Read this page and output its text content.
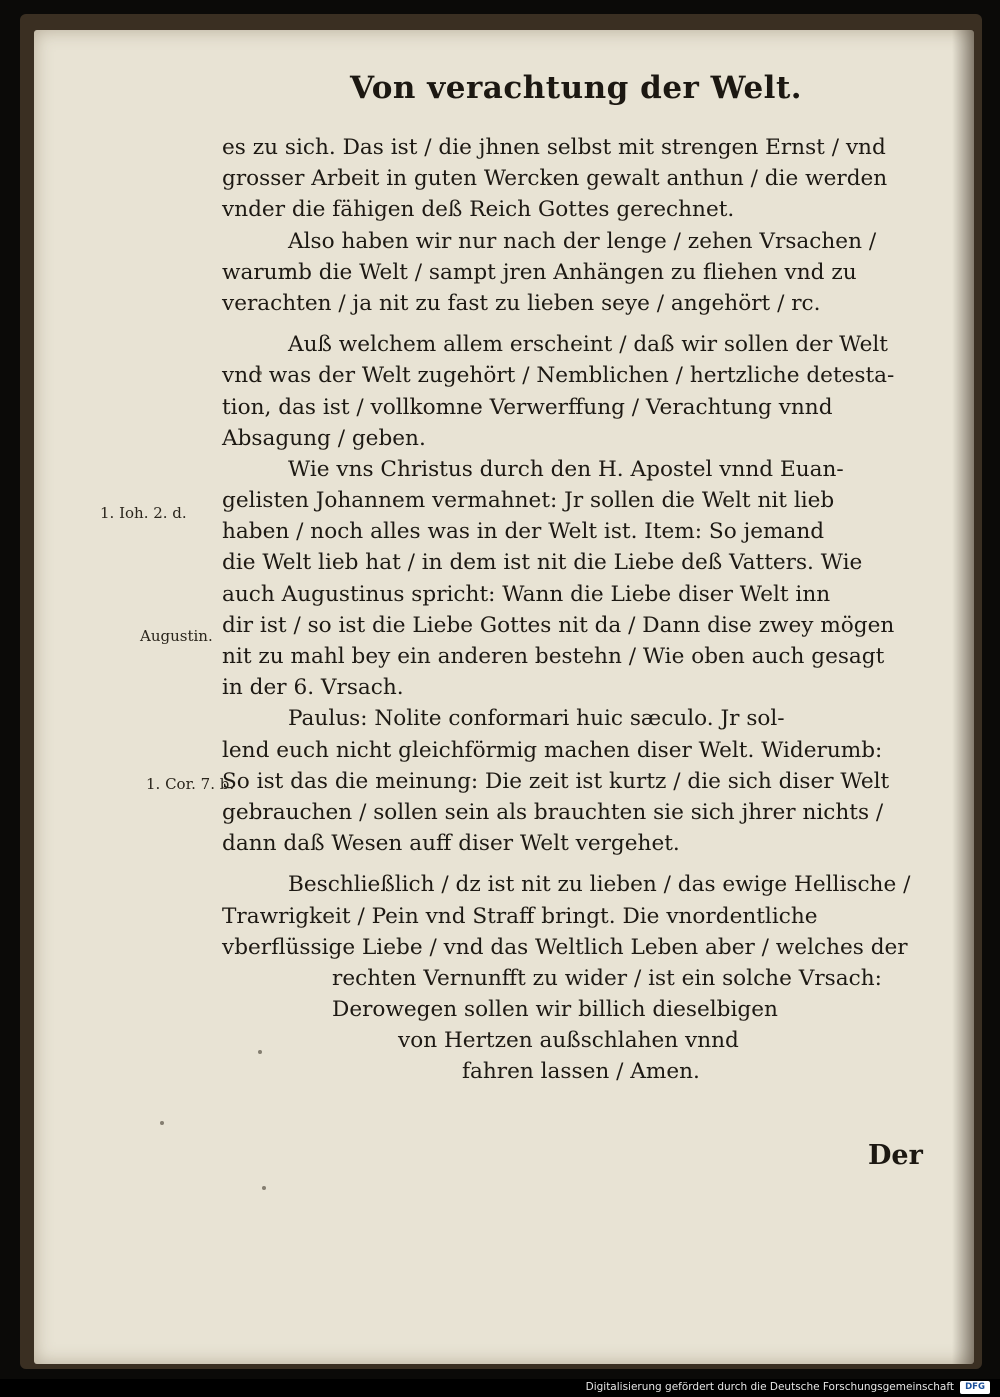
Von verachtung der Welt.
es zu sich. Das ist / die jhnen selbst mit strengen Ernst / vnd
grosser Arbeit in guten Wercken gewalt anthun / die werden
vnder die fähigen deß Reich Gottes gerechnet.
Also haben wir nur nach der lenge / zehen Vrsachen /
warumb die Welt / sampt jren Anhängen zu fliehen vnd zu
verachten / ja nit zu fast zu lieben seye / angehört / rc.
Auß welchem allem erscheint / daß wir sollen der Welt
vnd was der Welt zugehört / Nemblichen / hertzliche detesta-
tion, das ist / vollkomne Verwerffung / Verachtung vnnd
Absagung / geben.
Wie vns Christus durch den H. Apostel vnnd Euan-
gelisten Johannem vermahnet: Jr sollen die Welt nit lieb
haben / noch alles was in der Welt ist. Item: So jemand
die Welt lieb hat / in dem ist nit die Liebe deß Vatters. Wie
auch Augustinus spricht: Wann die Liebe diser Welt inn
dir ist / so ist die Liebe Gottes nit da / Dann dise zwey mögen
nit zu mahl bey ein anderen bestehn / Wie oben auch gesagt
in der 6. Vrsach.
Paulus: Nolite conformari huic sæculo. Jr sol-
lend euch nicht gleichförmig machen diser Welt. Widerumb:
So ist das die meinung: Die zeit ist kurtz / die sich diser Welt
gebrauchen / sollen sein als brauchten sie sich jhrer nichts /
dann daß Wesen auff diser Welt vergehet.
Beschließlich / dz ist nit zu lieben / das ewige Hellische /
Trawrigkeit / Pein vnd Straff bringt. Die vnordentliche
vberflüssige Liebe / vnd das Weltlich Leben aber / welches der
rechten Vernunfft zu wider / ist ein solche Vrsach:
Derowegen sollen wir billich dieselbigen
von Hertzen außschlahen vnnd
fahren lassen / Amen.
1. Ioh. 2. d.
Augustin.
1. Cor. 7. b.
Der
Digitalisierung gefördert durch die Deutsche Forschungsgemeinschaft	DFG
